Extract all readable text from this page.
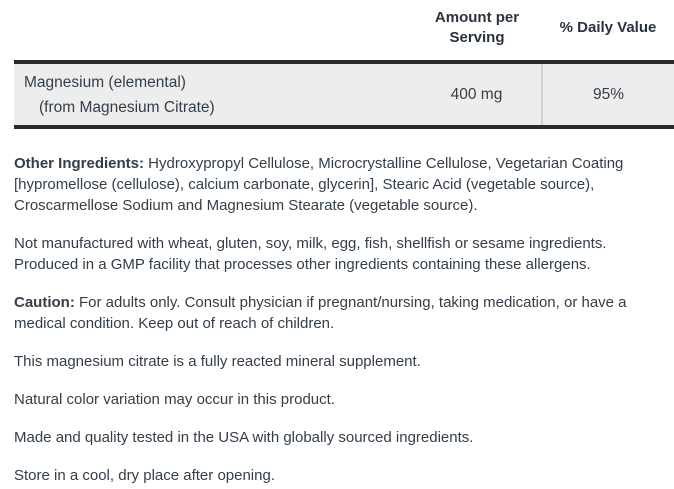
	Amount per Serving	% Daily Value

Magnesium (elemental)
(from Magnesium Citrate)	400 mg	95%

Other Ingredients: Hydroxypropyl Cellulose, Microcrystalline Cellulose, Vegetarian Coating [hypromellose (cellulose), calcium carbonate, glycerin], Stearic Acid (vegetable source), Croscarmellose Sodium and Magnesium Stearate (vegetable source).

Not manufactured with wheat, gluten, soy, milk, egg, fish, shellfish or sesame ingredients. Produced in a GMP facility that processes other ingredients containing these allergens.

Caution: For adults only. Consult physician if pregnant/nursing, taking medication, or have a medical condition. Keep out of reach of children.

This magnesium citrate is a fully reacted mineral supplement.

Natural color variation may occur in this product.

Made and quality tested in the USA with globally sourced ingredients.

Store in a cool, dry place after opening.
